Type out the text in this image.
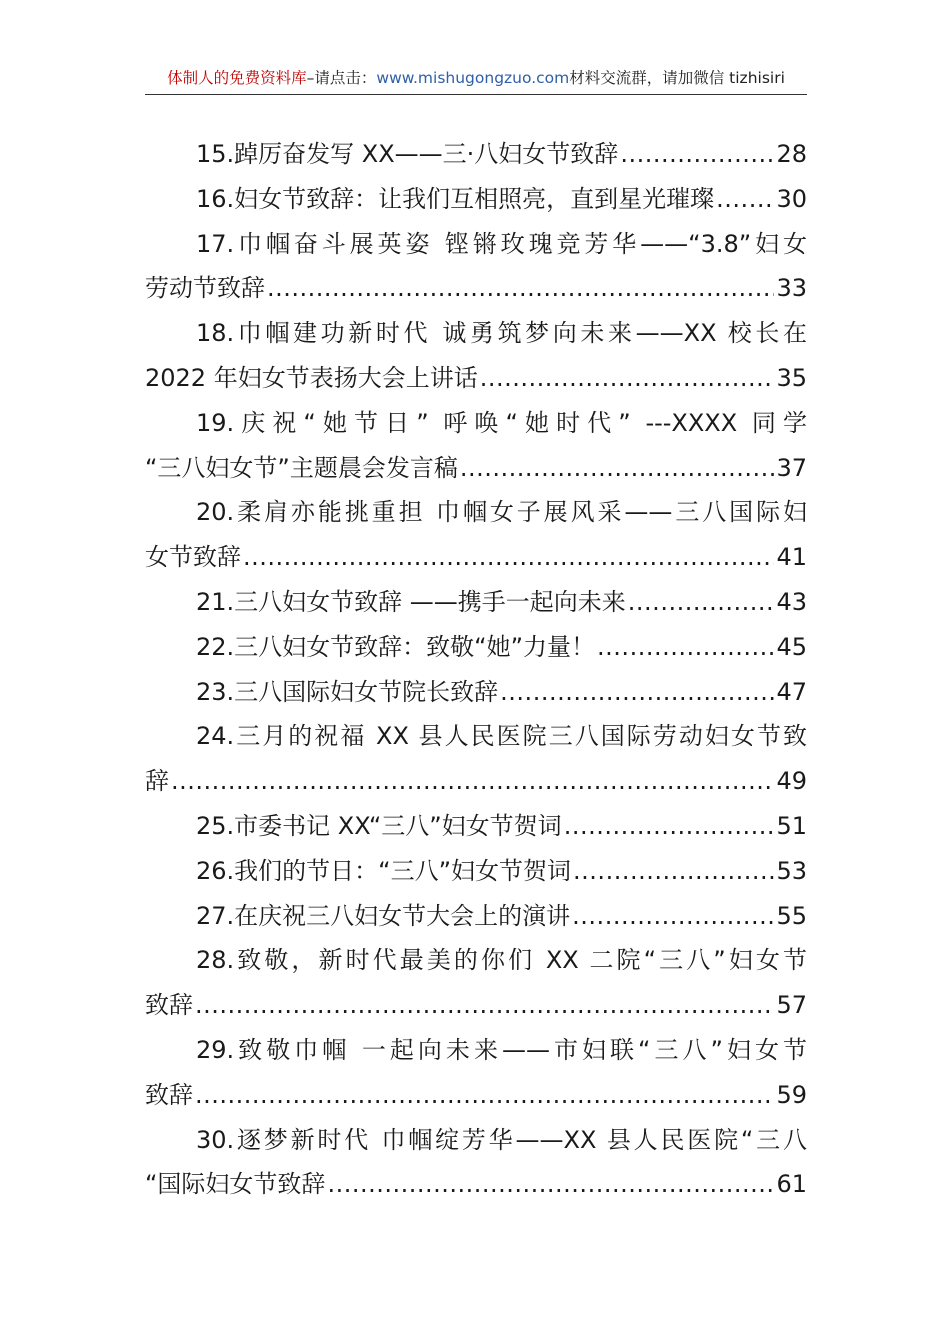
体制人的免费资料库–请点击：www.mishugongzuo.com材料交流群，请加微信 tizhisiri
15.踔厉奋发写 XX——三·八妇女节致辞 .....	28
16.妇女节致辞：让我们互相照亮，直到星光璀璨 .....	30
17.巾帼奋斗展英姿 铿锵玫瑰竞芳华——“3.8”妇女
劳动节致辞 .....	33
18.巾帼建功新时代 诚勇筑梦向未来——XX 校长在
2022 年妇女节表扬大会上讲话 .....	35
19.庆祝“她节日” 呼唤“她时代” ---XXXX 同学
“三八妇女节”主题晨会发言稿 .....	37
20.柔肩亦能挑重担 巾帼女子展风采——三八国际妇
女节致辞 .....	41
21.三八妇女节致辞 ——携手一起向未来 .....	43
22.三八妇女节致辞：致敬“她”力量！ .....	45
23.三八国际妇女节院长致辞 .....	47
24.三月的祝福 XX 县人民医院三八国际劳动妇女节致
辞 .....	49
25.市委书记 XX“三八”妇女节贺词 .....	51
26.我们的节日：“三八”妇女节贺词 .....	53
27.在庆祝三八妇女节大会上的演讲 .....	55
28.致敬，新时代最美的你们 XX 二院“三八”妇女节
致辞 .....	57
29.致敬巾帼 一起向未来——市妇联“三八”妇女节
致辞 .....	59
30.逐梦新时代 巾帼绽芳华——XX 县人民医院“三八
“国际妇女节致辞 .....	61
